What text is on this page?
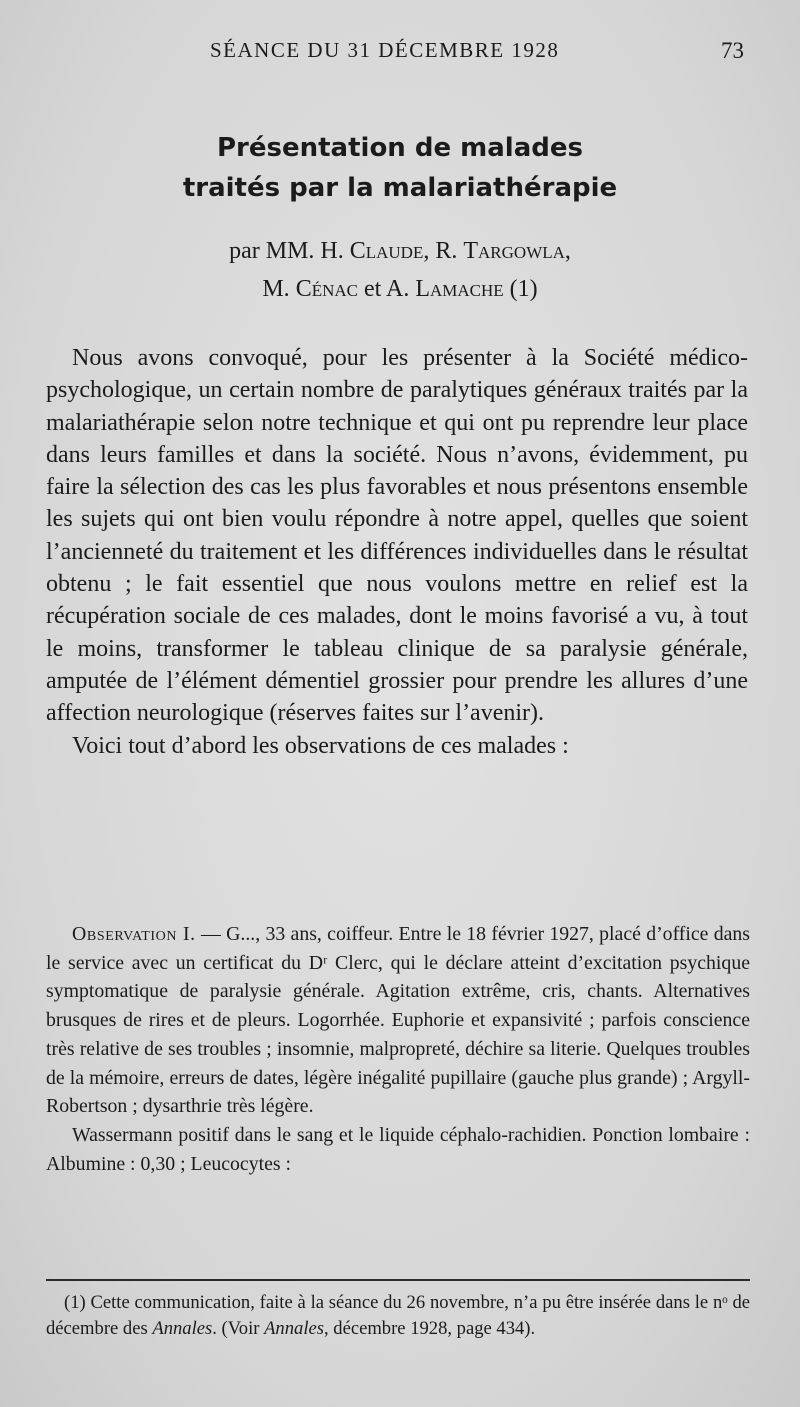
SÉANCE DU 31 DÉCEMBRE 1928	73
Présentation de malades
traités par la malariathérapie
par MM. H. Claude, R. Targowla,
M. Cénac et A. Lamache (1)

Nous avons convoqué, pour les présenter à la Société médico-psychologique, un certain nombre de paralytiques généraux traités par la malariathérapie selon notre technique et qui ont pu reprendre leur place dans leurs familles et dans la société. Nous n’avons, évidemment, pu faire la sélection des cas les plus favorables et nous présentons ensemble les sujets qui ont bien voulu répondre à notre appel, quelles que soient l’ancienneté du traitement et les différences individuelles dans le résultat obtenu ; le fait essentiel que nous voulons mettre en relief est la récupération sociale de ces malades, dont le moins favorisé a vu, à tout le moins, transformer le tableau clinique de sa paralysie générale, amputée de l’élément démentiel grossier pour prendre les allures d’une affection neurologique (réserves faites sur l’avenir).

Voici tout d’abord les observations de ces malades :

Observation I. — G..., 33 ans, coiffeur. Entre le 18 février 1927, placé d’office dans le service avec un certificat du Dʳ Clerc, qui le déclare atteint d’excitation psychique symptomatique de paralysie générale. Agitation extrême, cris, chants. Alternatives brusques de rires et de pleurs. Logorrhée. Euphorie et expansivité ; parfois conscience très relative de ses troubles ; insomnie, malpropreté, déchire sa literie. Quelques troubles de la mémoire, erreurs de dates, légère inégalité pupillaire (gauche plus grande) ; Argyll-Robertson ; dysarthrie très légère.

Wassermann positif dans le sang et le liquide céphalo-rachidien. Ponction lombaire : Albumine : 0,30 ; Leucocytes :

(1) Cette communication, faite à la séance du 26 novembre, n’a pu être insérée dans le nᵒ de décembre des Annales. (Voir Annales, décembre 1928, page 434).
